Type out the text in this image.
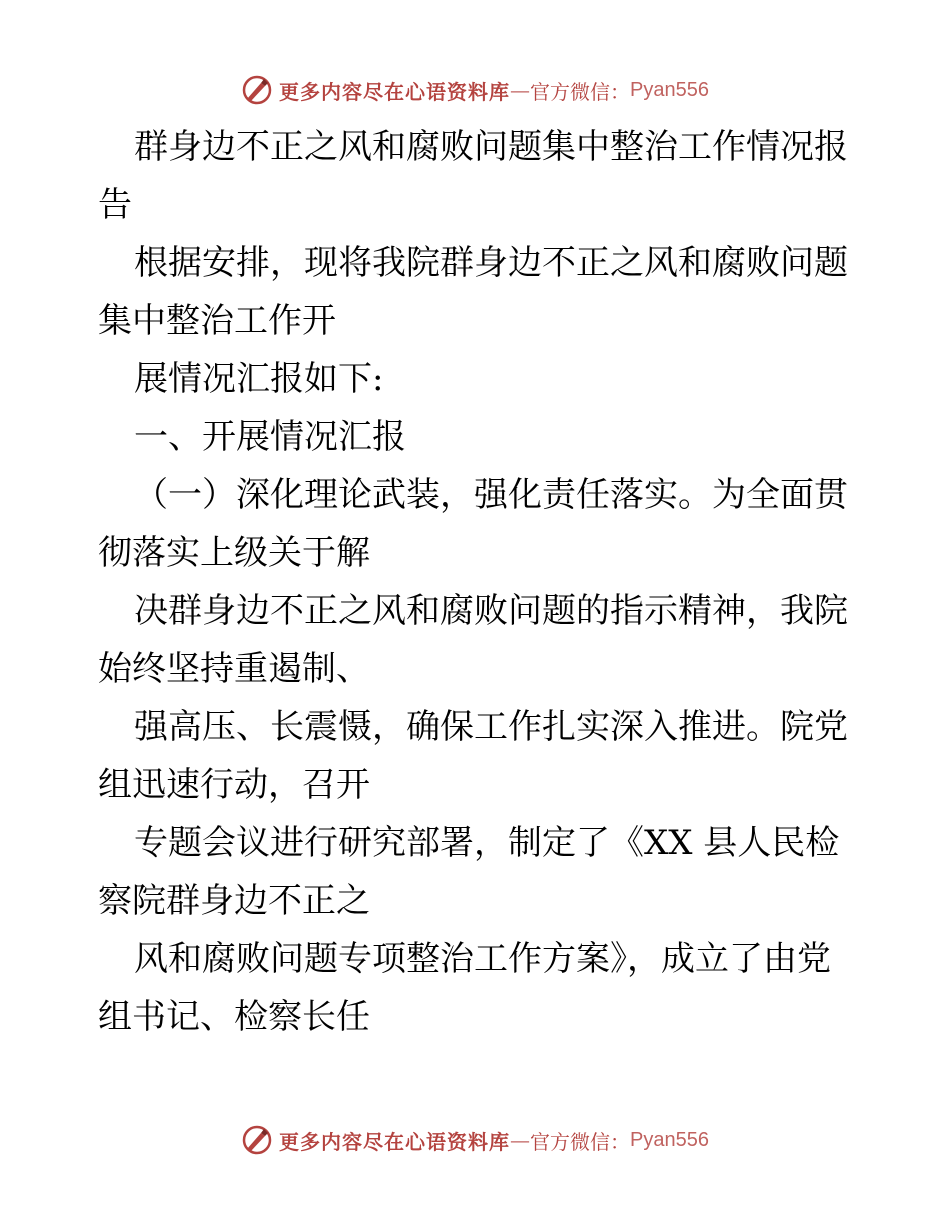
更多内容尽在心语资料库 — 官方微信： Pyan556
群身边不正之风和腐败问题集中整治工作情况报
告
根据安排，现将我院群身边不正之风和腐败问题
集中整治工作开
展情况汇报如下:
一、开展情况汇报
（一）深化理论武装，强化责任落实。为全面贯
彻落实上级关于解
决群身边不正之风和腐败问题的指示精神，我院
始终坚持重遏制、
强高压、长震慑，确保工作扎实深入推进。院党
组迅速行动，召开
专题会议进行研究部署，制定了《XX 县人民检
察院群身边不正之
风和腐败问题专项整治工作方案》，成立了由党
组书记、检察长任
更多内容尽在心语资料库 — 官方微信： Pyan556
